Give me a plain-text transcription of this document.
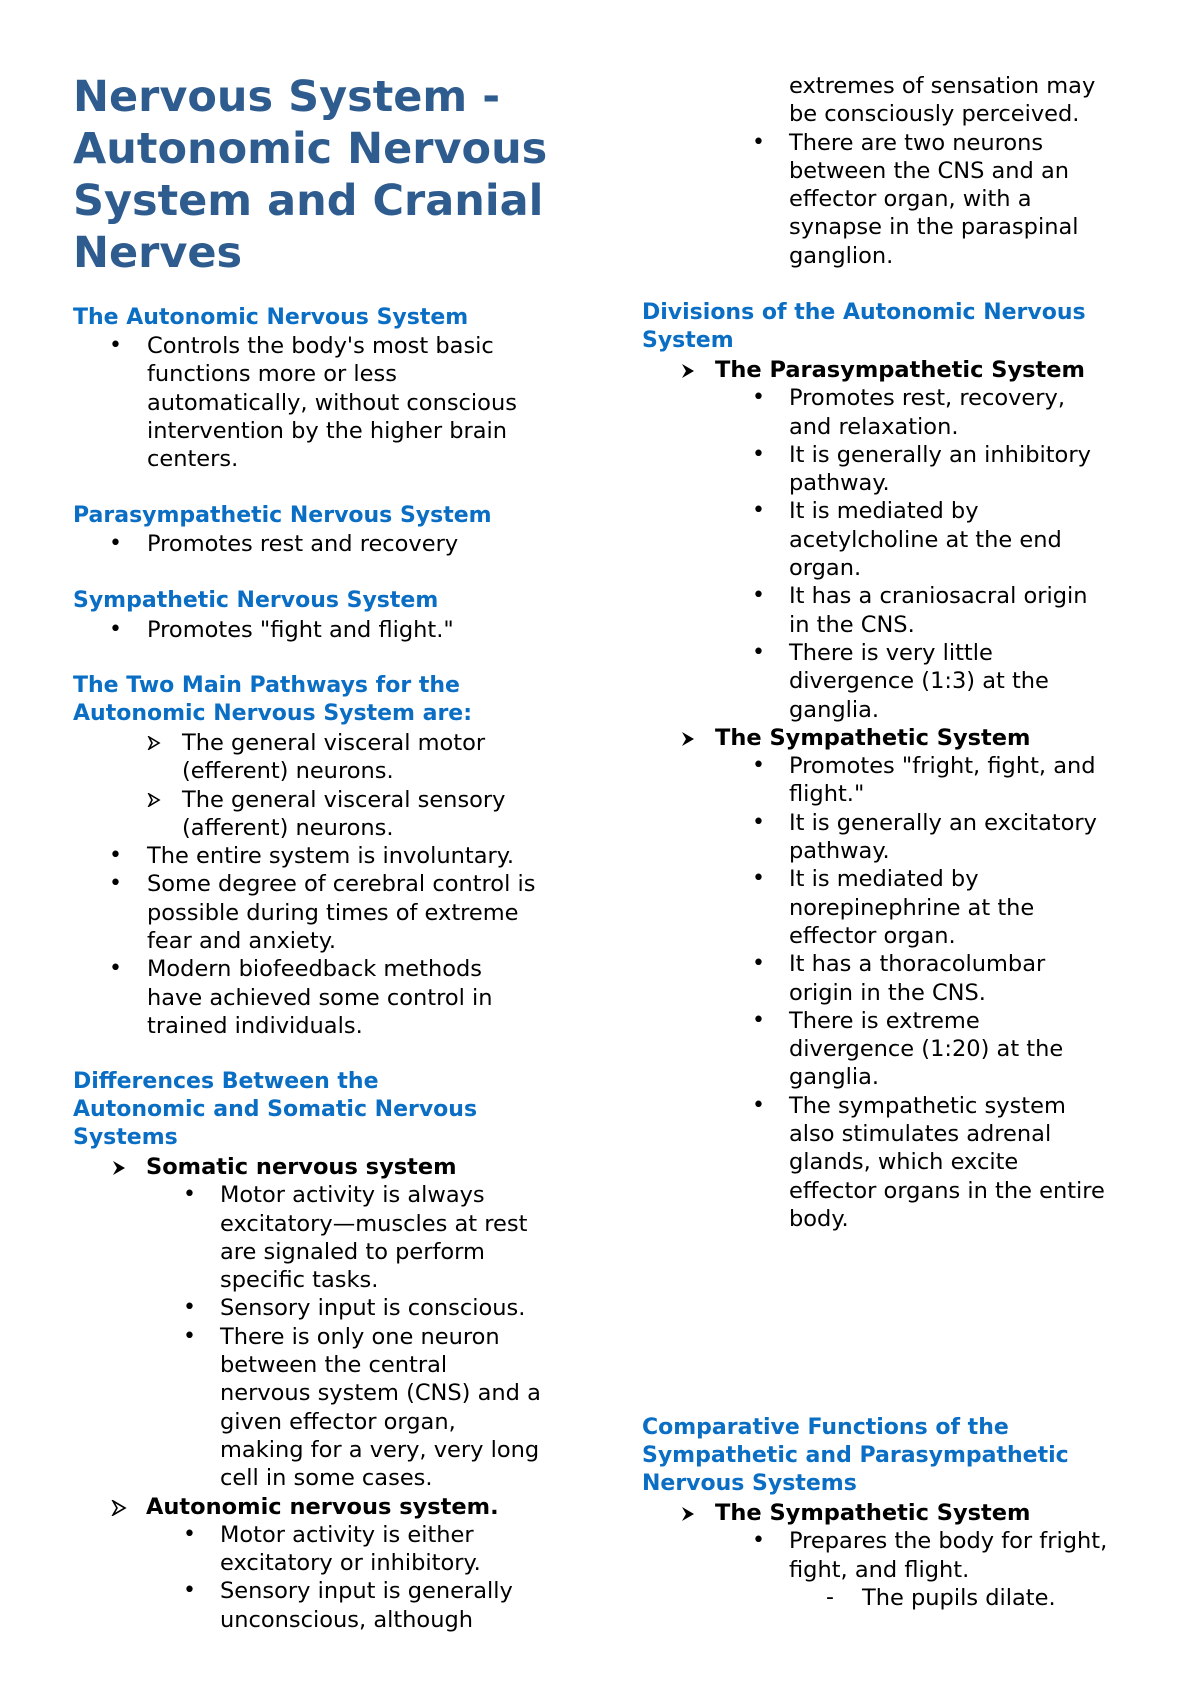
Nervous System -
Autonomic Nervous
System and Cranial
Nerves
The Autonomic Nervous System
• Controls the body's most basic
functions more or less
automatically, without conscious
intervention by the higher brain
centers.
Parasympathetic Nervous System
• Promotes rest and recovery
Sympathetic Nervous System
• Promotes "fight and flight."
The Two Main Pathways for the
Autonomic Nervous System are:
The general visceral motor
(efferent) neurons.
The general visceral sensory
(afferent) neurons.
• The entire system is involuntary.
• Some degree of cerebral control is
possible during times of extreme
fear and anxiety.
• Modern biofeedback methods
have achieved some control in
trained individuals.
Differences Between the
Autonomic and Somatic Nervous
Systems
Somatic nervous system
• Motor activity is always
excitatory—muscles at rest
are signaled to perform
specific tasks.
• Sensory input is conscious.
• There is only one neuron
between the central
nervous system (CNS) and a
given effector organ,
making for a very, very long
cell in some cases.
Autonomic nervous system.
• Motor activity is either
excitatory or inhibitory.
• Sensory input is generally
unconscious, although
extremes of sensation may
be consciously perceived.
• There are two neurons
between the CNS and an
effector organ, with a
synapse in the paraspinal
ganglion.
Divisions of the Autonomic Nervous
System
The Parasympathetic System
• Promotes rest, recovery,
and relaxation.
• It is generally an inhibitory
pathway.
• It is mediated by
acetylcholine at the end
organ.
• It has a craniosacral origin
in the CNS.
• There is very little
divergence (1:3) at the
ganglia.
The Sympathetic System
• Promotes "fright, fight, and
flight."
• It is generally an excitatory
pathway.
• It is mediated by
norepinephrine at the
effector organ.
• It has a thoracolumbar
origin in the CNS.
• There is extreme
divergence (1:20) at the
ganglia.
• The sympathetic system
also stimulates adrenal
glands, which excite
effector organs in the entire
body.
Comparative Functions of the
Sympathetic and Parasympathetic
Nervous Systems
The Sympathetic System
• Prepares the body for fright,
fight, and flight.
- The pupils dilate.
